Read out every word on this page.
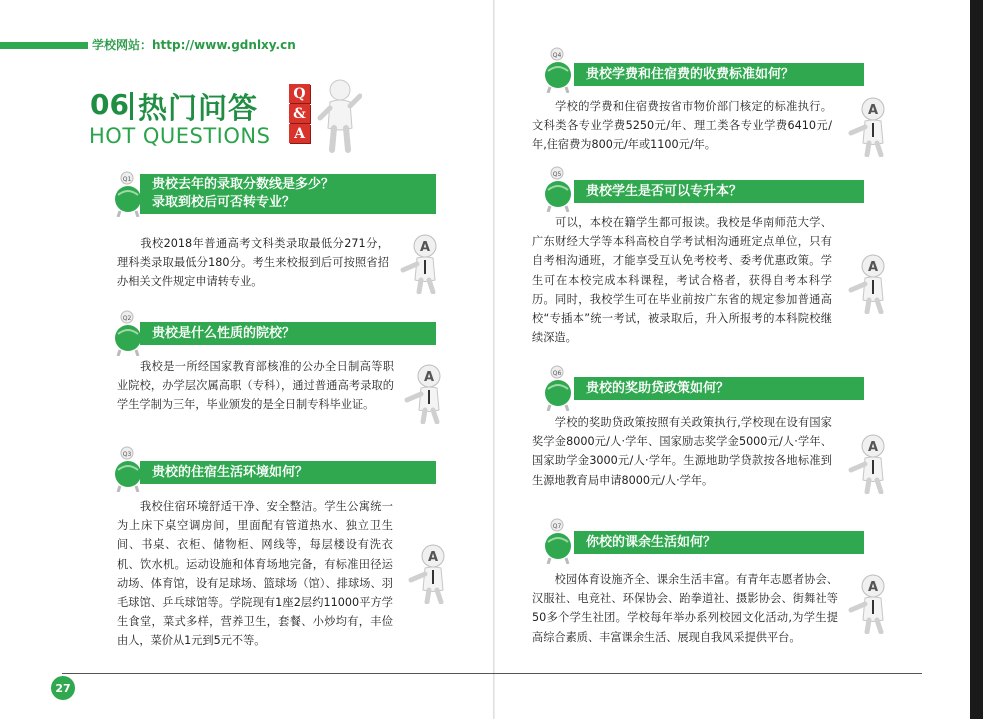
学校网站：http://www.gdnlxy.cn
06 热门问答
HOT QUESTIONS
Q
&
A
Q1	贵校去年的录取分数线是多少？
录取到校后可否转专业？
　　我校2018年普通高考文科类录取最低分271分，理科类录取最低分180分。考生来校报到后可按照省招办相关文件规定申请转专业。
A
Q2
贵校是什么性质的院校？
　　我校是一所经国家教育部核准的公办全日制高等职业院校，办学层次属高职（专科），通过普通高考录取的学生学制为三年，毕业颁发的是全日制专科毕业证。
A
Q3
贵校的住宿生活环境如何？
　　我校住宿环境舒适干净、安全整洁。学生公寓统一为上床下桌空调房间，里面配有管道热水、独立卫生间、书桌、衣柜、储物柜、网线等，每层楼设有洗衣机、饮水机。运动设施和体育场地完备，有标准田径运动场、体育馆，设有足球场、篮球场（馆）、排球场、羽毛球馆、乒乓球馆等。学院现有1座2层约11000平方学生食堂，菜式多样，营养卫生，套餐、小炒均有，丰俭由人，菜价从1元到5元不等。
A
Q4
贵校学费和住宿费的收费标准如何？
　　学校的学费和住宿费按省市物价部门核定的标准执行。文科类各专业学费5250元/年、理工类各专业学费6410元/年,住宿费为800元/年或1100元/年。
A
Q5
贵校学生是否可以专升本？
　　可以，本校在籍学生都可报读。我校是华南师范大学、广东财经大学等本科高校自学考试相沟通班定点单位，只有自考相沟通班，才能享受互认免考校考、委考优惠政策。学生可在本校完成本科课程，考试合格者，获得自考本科学历。同时，我校学生可在毕业前按广东省的规定参加普通高校“专插本”统一考试，被录取后，升入所报考的本科院校继续深造。
A
Q6
贵校的奖助贷政策如何？
　　学校的奖助贷政策按照有关政策执行,学校现在设有国家奖学金8000元/人·学年、国家励志奖学金5000元/人·学年、国家助学金3000元/人·学年。生源地助学贷款按各地标准到生源地教育局申请8000元/人·学年。
A
Q7
你校的课余生活如何？
　　校园体育设施齐全、课余生活丰富。有青年志愿者协会、汉服社、电竞社、环保协会、跆拳道社、摄影协会、街舞社等50多个学生社团。学校每年举办系列校园文化活动,为学生提高综合素质、丰富课余生活、展现自我风采提供平台。
A
27
